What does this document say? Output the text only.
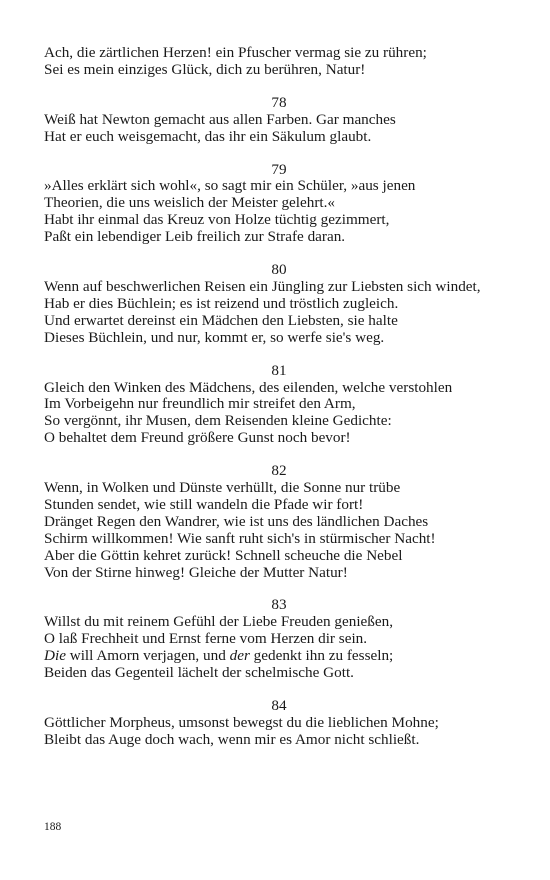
Ach, die zärtlichen Herzen! ein Pfuscher vermag sie zu rühren;
Sei es mein einziges Glück, dich zu berühren, Natur!
78
Weiß hat Newton gemacht aus allen Farben. Gar manches
Hat er euch weisgemacht, das ihr ein Säkulum glaubt.
79
»Alles erklärt sich wohl«, so sagt mir ein Schüler, »aus jenen
Theorien, die uns weislich der Meister gelehrt.«
Habt ihr einmal das Kreuz von Holze tüchtig gezimmert,
Paßt ein lebendiger Leib freilich zur Strafe daran.
80
Wenn auf beschwerlichen Reisen ein Jüngling zur Liebsten sich windet,
Hab er dies Büchlein; es ist reizend und tröstlich zugleich.
Und erwartet dereinst ein Mädchen den Liebsten, sie halte
Dieses Büchlein, und nur, kommt er, so werfe sie's weg.
81
Gleich den Winken des Mädchens, des eilenden, welche verstohlen
Im Vorbeigehn nur freundlich mir streifet den Arm,
So vergönnt, ihr Musen, dem Reisenden kleine Gedichte:
O behaltet dem Freund größere Gunst noch bevor!
82
Wenn, in Wolken und Dünste verhüllt, die Sonne nur trübe
Stunden sendet, wie still wandeln die Pfade wir fort!
Dränget Regen den Wandrer, wie ist uns des ländlichen Daches
Schirm willkommen! Wie sanft ruht sich's in stürmischer Nacht!
Aber die Göttin kehret zurück! Schnell scheuche die Nebel
Von der Stirne hinweg! Gleiche der Mutter Natur!
83
Willst du mit reinem Gefühl der Liebe Freuden genießen,
O laß Frechheit und Ernst ferne vom Herzen dir sein.
Die will Amorn verjagen, und der gedenkt ihn zu fesseln;
Beiden das Gegenteil lächelt der schelmische Gott.
84
Göttlicher Morpheus, umsonst bewegst du die lieblichen Mohne;
Bleibt das Auge doch wach, wenn mir es Amor nicht schließt.
188
